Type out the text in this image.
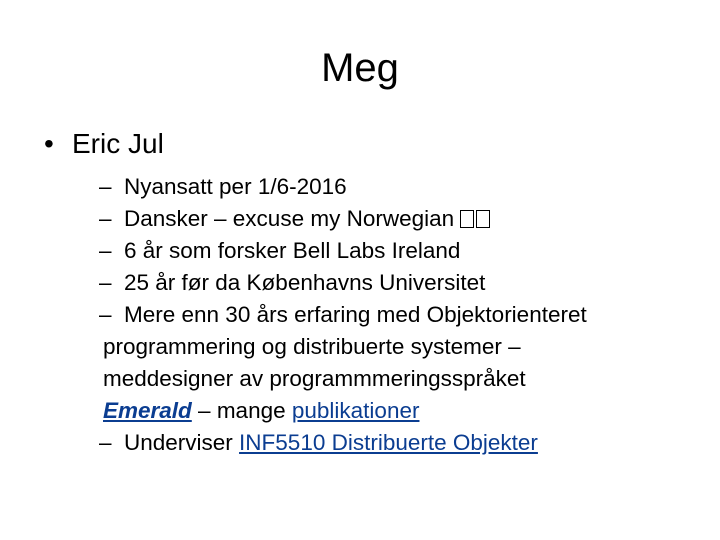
Meg
• Eric Jul
– Nyansatt per 1/6-2016
– Dansker – excuse my Norwegian
– 6 år som forsker Bell Labs Ireland
– 25 år før da Københavns Universitet
– Mere enn 30 års erfaring med Objektorienteret
programmering og distribuerte systemer –
meddesigner av programmmeringsspråket
Emerald – mange publikationer
– Underviser INF5510 Distribuerte Objekter
